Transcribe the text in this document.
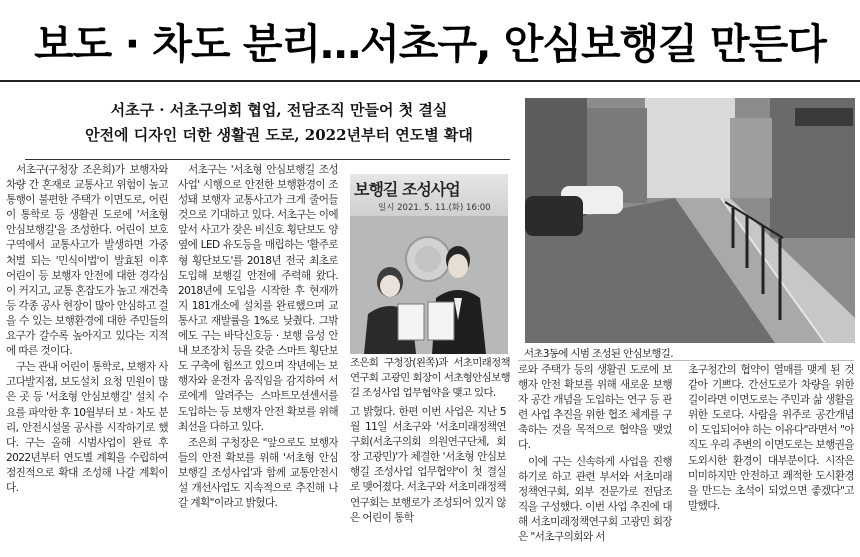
보도 · 차도 분리…서초구, 안심보행길 만든다
서초구 · 서초구의회 협업, 전담조직 만들어 첫 결실
안전에 디자인 더한 생활권 도로, 2022년부터 연도별 확대

서초구(구청장 조은희)가 보행자와 차량 간 혼재로 교통사고 위험이 높고 통행이 불편한 주택가 이면도로, 어린이 통학로 등 생활권 도로에 '서초형 안심보행길'을 조성한다. 어린이 보호구역에서 교통사고가 발생하면 가중처벌 되는 '민식이법'이 발효된 이후 어린이 등 보행자 안전에 대한 경각심이 커지고, 교통 혼잡도가 높고 재건축 등 각종 공사 현장이 많아 안심하고 걸을 수 있는 보행환경에 대한 주민들의 요구가 갈수록 높아지고 있다는 지적에 따른 것이다.

구는 관내 어린이 통학로, 보행자 사고다발지점, 보도설치 요청 민원이 많은 곳 등 '서초형 안심보행길' 설치 수요를 파악한 후 10월부터 보 · 차도 분리, 안전시설물 공사를 시작하기로 했다. 구는 올해 시범사업이 완료 후 2022년부터 연도별 계획을 수립하여 점진적으로 확대 조성해 나갈 계획이다.

서초구는 '서초형 안심보행길 조성사업' 시행으로 안전한 보행환경이 조성돼 보행자 교통사고가 크게 줄어들 것으로 기대하고 있다. 서초구는 이에 앞서 사고가 잦은 비신호 횡단보도 양 옆에 LED 유도등을 매립하는 '활주로형 횡단보도'를 2018년 전국 최초로 도입해 보행길 안전에 주력해 왔다. 2018년에 도입을 시작한 후 현재까지 181개소에 설치를 완료했으며 교통사고 재발률을 1%로 낮췄다. 그밖에도 구는 바닥신호등 · 보행 음성 안내 보조장치 등을 갖춘 스마트 횡단보도 구축에 힘쓰고 있으며 작년에는 보행자와 운전자 움직임을 감지하여 서로에게 알려주는 스마트모션센서를 도입하는 등 보행자 안전 확보를 위해 최선을 다하고 있다.

조은희 구청장은 "앞으로도 보행자들의 안전 확보를 위해 '서초형 안심보행길 조성사업'과 함께 교통안전시설 개선사업도 지속적으로 추진해 나갈 계획"이라고 밝혔다.

보행길 조성사업
일시 2021. 5. 11.(화) 16:00
조은희 구청장(왼쪽)과 서초미래정책연구회 고광민 회장이 서초형안심보행길 조성사업 업무협약을 맺고 있다.

고 밝혔다. 한편 이번 사업은 지난 5월 11일 서초구와 '서초미래정책연구회(서초구의회 의원연구단체, 회장 고광민)'가 체결한 '서초형 안심보행길 조성사업 업무협약'이 첫 결실로 맺어졌다. 서초구와 서초미래정책연구회는 보행로가 조성되어 있지 않은 어린이 통학

서초3동에 시범 조성된 안심보행길.

로와 주택가 등의 생활권 도로에 보행자 안전 확보를 위해 새로운 보행자 공간 개념을 도입하는 연구 등 관련 사업 추진을 위한 협조 체계를 구축하는 것을 목적으로 협약을 맺었다.

이에 구는 신속하게 사업을 진행하기로 하고 관련 부서와 서초미래정책연구회, 외부 전문가로 전담조직을 구성했다. 이번 사업 추진에 대해 서초미래정책연구회 고광민 회장은 "서초구의회와 서

초구청간의 협약이 열매를 맺게 된 것 같아 기쁘다. 간선도로가 차량을 위한 길이라면 이면도로는 주민과 삶 생활을 위한 도로다. 사람을 위주로 공간개념이 도입되어야 하는 이유다"라면서 "아직도 우리 주변의 이면도로는 보행권을 도외시한 환경이 대부분이다. 시작은 미미하지만 안전하고 쾌적한 도시환경을 만드는 초석이 되었으면 좋겠다"고 말했다.
